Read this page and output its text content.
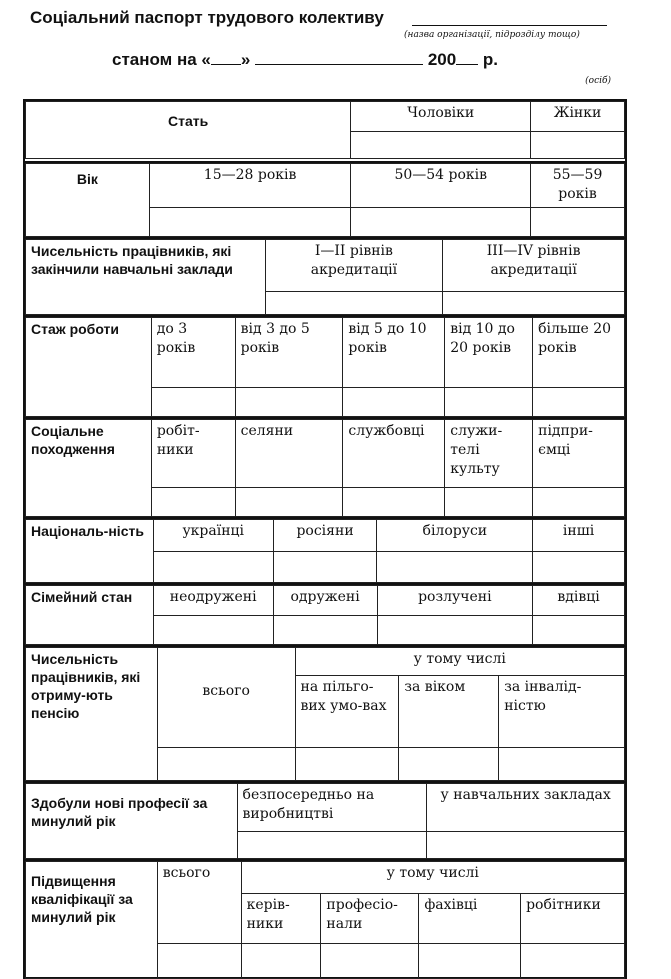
Соціальний паспорт трудового колективу
(назва організації, підрозділу тощо)
станом на « »	200 р.
(осіб)
Стать	Чоловіки	Жінки

Вік	15—28 років	50—54 років	55—59 років

Чисельність працівників, які закінчили навчальні заклади	I—II рівнів акредитації	III—IV рівнів акредитації

Стаж роботи	до 3 років	від 3 до 5 років	від 5 до 10 років	від 10 до 20 років	більше 20 років

Соціальне походження	робіт-ники	селяни	службовці	служи-телі культу	підпри-ємці

Національ-ність	українці	росіяни	білоруси	інші

Сімейний стан	неодружені	одружені	розлучені	вдівці

Чисельність працівників, які отриму-ють пенсію	всього	у тому числі		
		на пільго-вих умо-вах	за віком	за інвалід-ністю

Здобули нові професії за минулий рік	безпосередньо на виробництві	у навчальних закладах

Підвищення кваліфікації за минулий рік	всього	у тому числі			
		керів-ники	професіо-нали	фахівці	робітники
